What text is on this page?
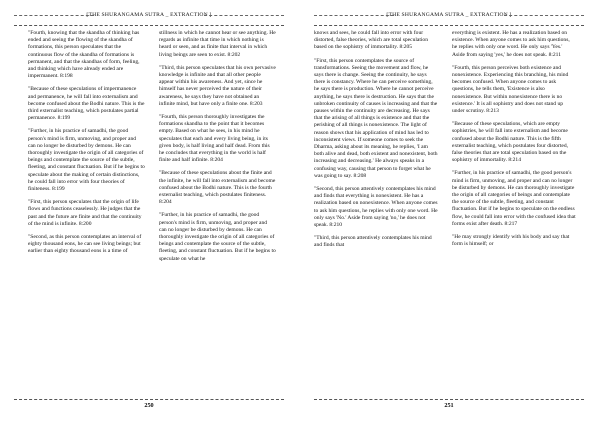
[THE SHURANGAMA SUTRA _ EXTRACTION ]

"Fourth, knowing that the skandha of thinking has ended and seeing the flowing of the skandha of formations, this person speculates that the continuous flow of the skandha of formations is permanent, and that the skandhas of form, feeling, and thinking which have already ended are impermanent. 8:198

"Because of these speculations of impermanence and permanence, he will fall into externalism and become confused about the Bodhi nature. This is the third externalist teaching, which postulates partial permanence. 8:199

"Further, in his practice of samadhi, the good person's mind is firm, unmoving, and proper and can no longer be disturbed by demons. He can thoroughly investigate the origin of all categories of beings and contemplate the source of the subtle, fleeting, and constant fluctuation. But if he begins to speculate about the making of certain distinctions, he could fall into error with four theories of finiteness. 8:199

"First, this person speculates that the origin of life flows and functions ceaselessly. He judges that the past and the future are finite and that the continuity of the mind is infinite. 8:200

"Second, as this person contemplates an interval of eighty thousand eons, he can see living beings; but earlier than eighty thousand eons is a time of

stillness in which he cannot hear or see anything. He regards as infinite that time in which nothing is heard or seen, and as finite that interval in which living beings are seen to exist. 8:202

"Third, this person speculates that his own pervasive knowledge is infinite and that all other people appear within his awareness. And yet, since he himself has never perceived the nature of their awareness, he says they have not obtained an infinite mind, but have only a finite one. 8:203

"Fourth, this person thoroughly investigates the formations skandha to the point that it becomes empty. Based on what he sees, in his mind he speculates that each and every living being, in its given body, is half living and half dead. From this he concludes that everything in the world is half finite and half infinite. 8:204

"Because of these speculations about the finite and the infinite, he will fall into externalism and become confused about the Bodhi nature. This is the fourth externalist teaching, which postulates finiteness. 8:204

"Further, in his practice of samadhi, the good person's mind is firm, unmoving, and proper and can no longer be disturbed by demons. He can thoroughly investigate the origin of all categories of beings and contemplate the source of the subtle, fleeting, and constant fluctuation. But if he begins to speculate on what he

250
[THE SHURANGAMA SUTRA _ EXTRACTION ]

knows and sees, he could fall into error with four distorted, false theories, which are total speculation based on the sophistry of immortality. 8:205

"First, this person contemplates the source of transformations. Seeing the movement and flow, he says there is change. Seeing the continuity, he says there is constancy. Where he can perceive something, he says there is production. Where he cannot perceive anything, he says there is destruction. He says that the unbroken continuity of causes is increasing and that the pauses within the continuity are decreasing. He says that the arising of all things is existence and that the perishing of all things is nonexistence. The light of reason shows that his application of mind has led to inconsistent views. If someone comes to seek the Dharma, asking about its meaning, he replies, 'I am both alive and dead, both existent and nonexistent, both increasing and decreasing.' He always speaks in a confusing way, causing that person to forget what he was going to say. 8:208

"Second, this person attentively contemplates his mind and finds that everything is nonexistent. He has a realization based on nonexistence. When anyone comes to ask him questions, he replies with only one word. He only says 'No.' Aside from saying 'no,' he does not speak. 8:210

"Third, this person attentively contemplates his mind and finds that

everything is existent. He has a realization based on existence. When anyone comes to ask him questions, he replies with only one word. He only says 'Yes.' Aside from saying 'yes,' he does not speak. 8:211

"Fourth, this person perceives both existence and nonexistence. Experiencing this branching, his mind becomes confused. When anyone comes to ask questions, he tells them, 'Existence is also nonexistence. But within nonexistence there is no existence.' It is all sophistry and does not stand up under scrutiny. 8:213

"Because of these speculations, which are empty sophistries, he will fall into externalism and become confused about the Bodhi nature. This is the fifth externalist teaching, which postulates four distorted, false theories that are total speculation based on the sophistry of immortality. 8:214

"Further, in his practice of samadhi, the good person's mind is firm, unmoving, and proper and can no longer be disturbed by demons. He can thoroughly investigate the origin of all categories of beings and contemplate the source of the subtle, fleeting, and constant fluctuation. But if he begins to speculate on the endless flow, he could fall into error with the confused idea that forms exist after death. 8:217

"He may strongly identify with his body and say that form is himself; or

251
